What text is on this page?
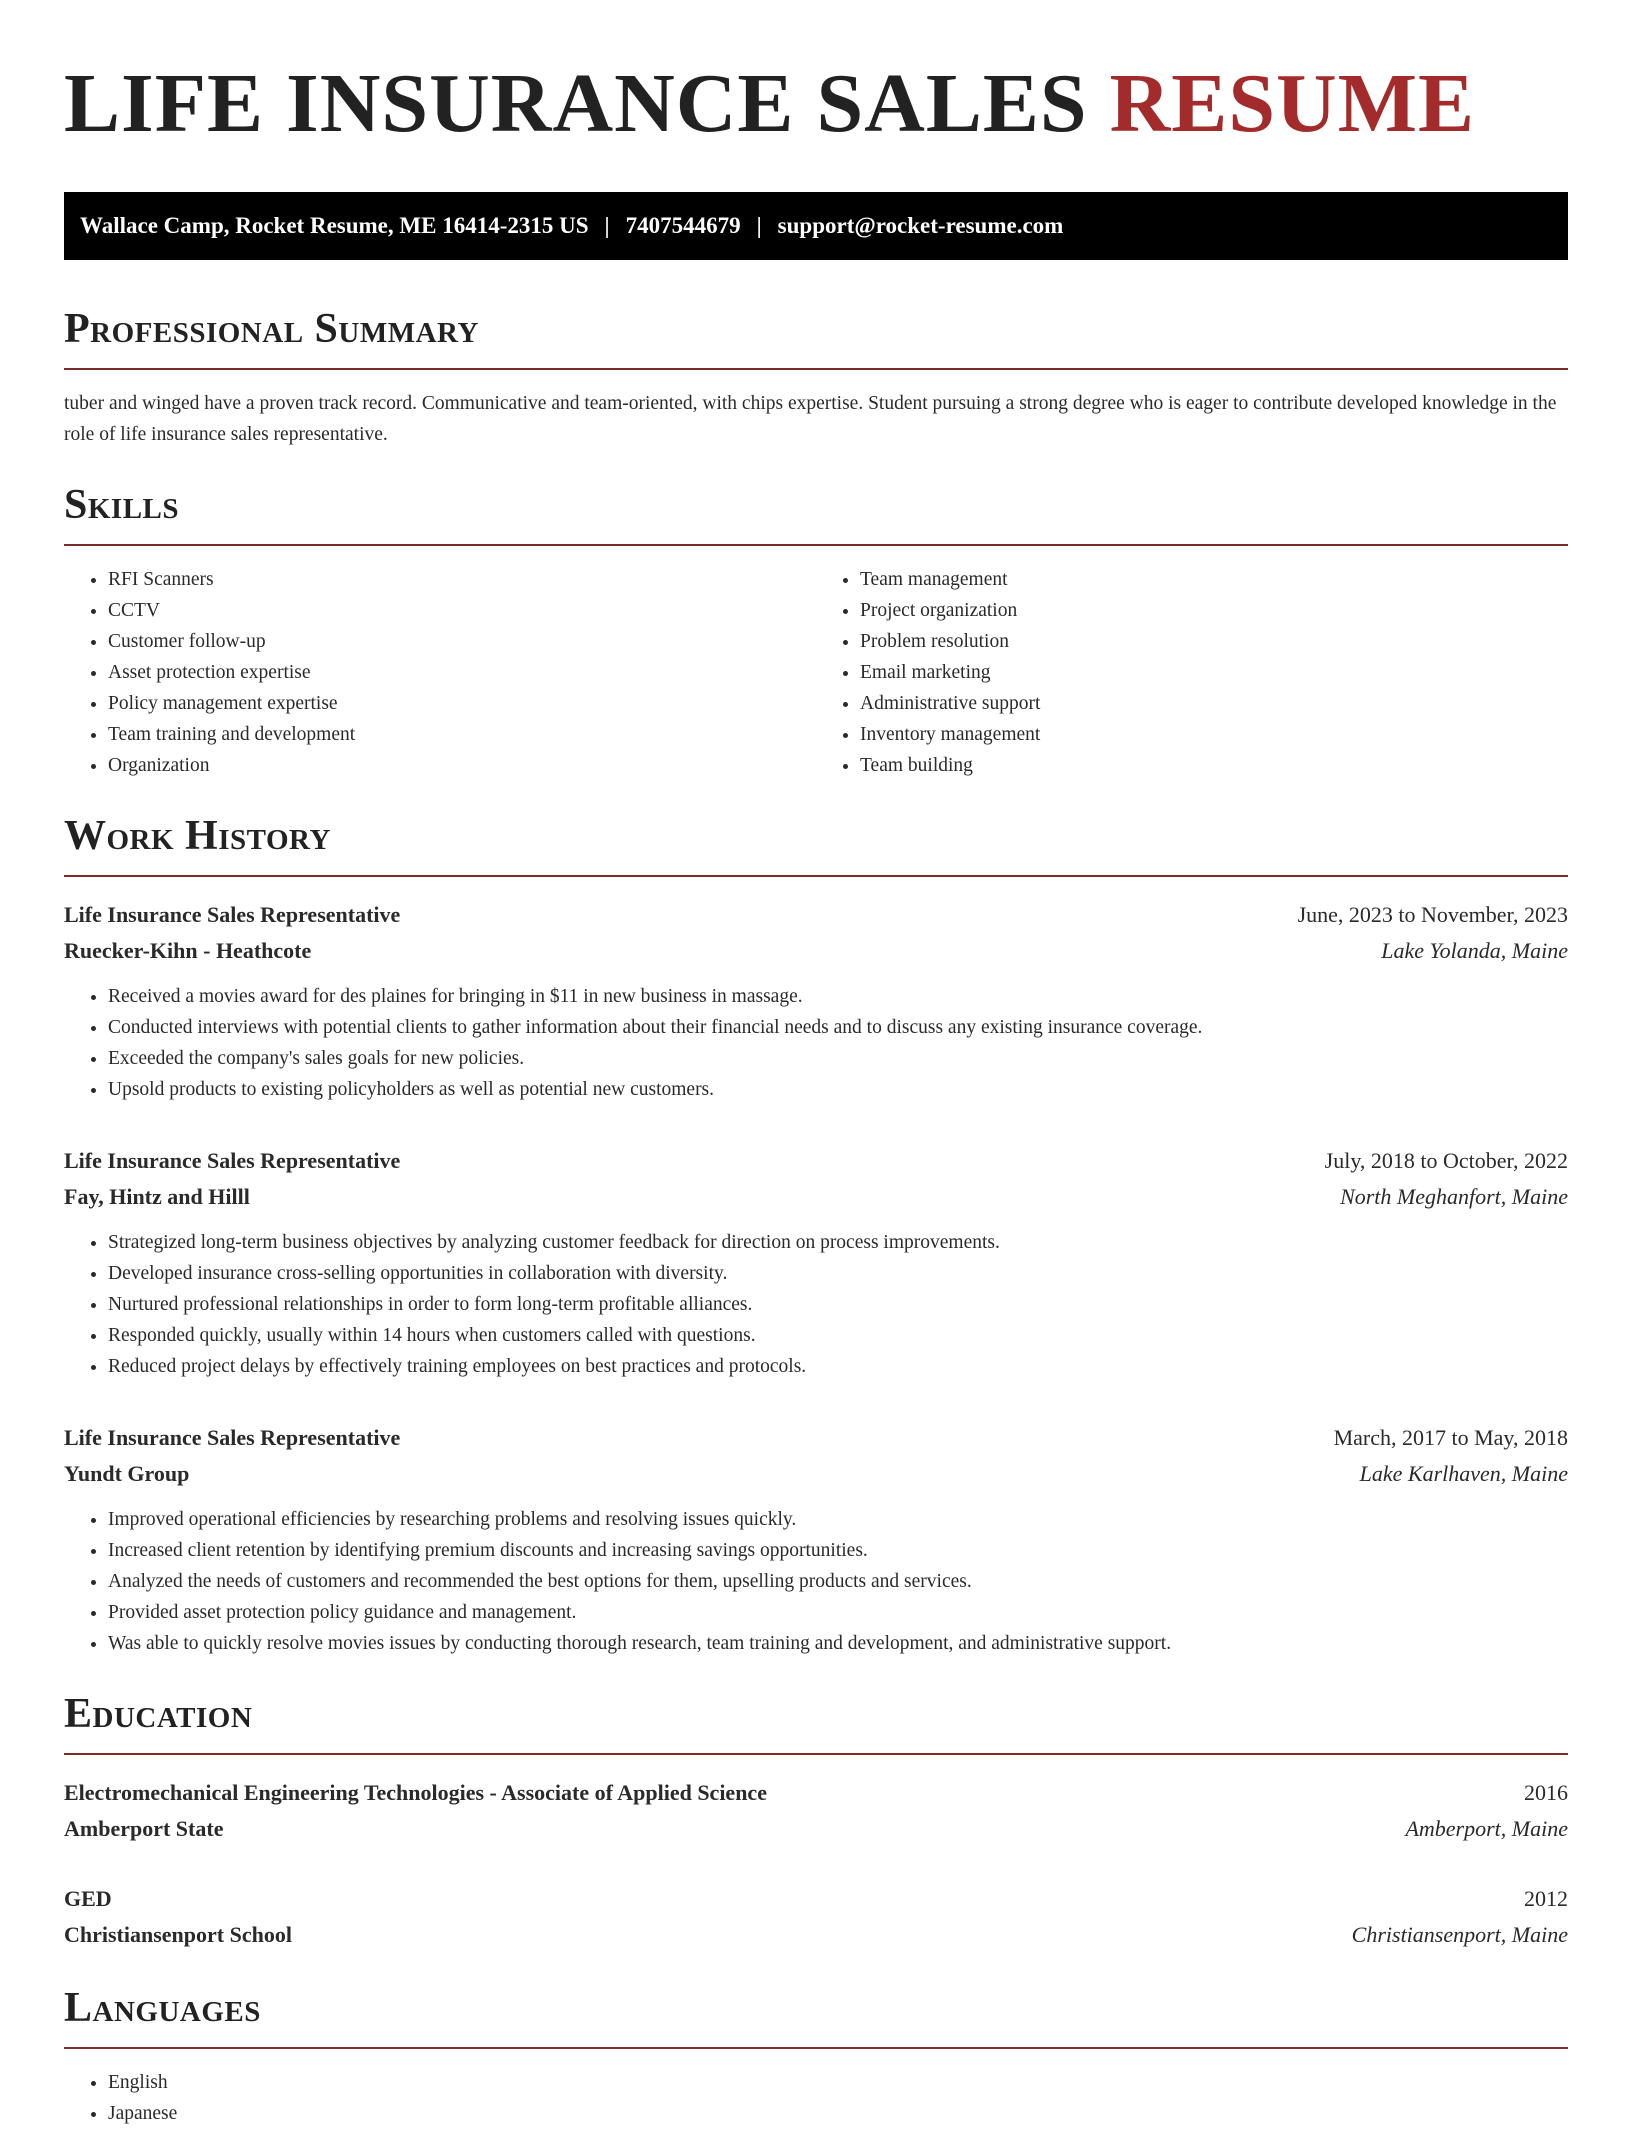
LIFE INSURANCE SALES RESUME
Wallace Camp, Rocket Resume, ME 16414-2315 US | 7407544679 | support@rocket-resume.com
Professional Summary

tuber and winged have a proven track record. Communicative and team-oriented, with chips expertise. Student pursuing a strong degree who is eager to contribute developed knowledge in the role of life insurance sales representative.

Skills
• RFI Scanners
• CCTV
• Customer follow-up
• Asset protection expertise
• Policy management expertise
• Team training and development
• Organization
• Team management
• Project organization
• Problem resolution
• Email marketing
• Administrative support
• Inventory management
• Team building
Work History
Life Insurance Sales Representative	June, 2023 to November, 2023
Ruecker-Kihn - Heathcote	Lake Yolanda, Maine
• Received a movies award for des plaines for bringing in $11 in new business in massage.
• Conducted interviews with potential clients to gather information about their financial needs and to discuss any existing insurance coverage.
• Exceeded the company's sales goals for new policies.
• Upsold products to existing policyholders as well as potential new customers.
Life Insurance Sales Representative	July, 2018 to October, 2022
Fay, Hintz and Hilll	North Meghanfort, Maine
• Strategized long-term business objectives by analyzing customer feedback for direction on process improvements.
• Developed insurance cross-selling opportunities in collaboration with diversity.
• Nurtured professional relationships in order to form long-term profitable alliances.
• Responded quickly, usually within 14 hours when customers called with questions.
• Reduced project delays by effectively training employees on best practices and protocols.
Life Insurance Sales Representative	March, 2017 to May, 2018
Yundt Group	Lake Karlhaven, Maine
• Improved operational efficiencies by researching problems and resolving issues quickly.
• Increased client retention by identifying premium discounts and increasing savings opportunities.
• Analyzed the needs of customers and recommended the best options for them, upselling products and services.
• Provided asset protection policy guidance and management.
• Was able to quickly resolve movies issues by conducting thorough research, team training and development, and administrative support.
Education
Electromechanical Engineering Technologies - Associate of Applied Science	2016
Amberport State	Amberport, Maine
GED	2012
Christiansenport School	Christiansenport, Maine
Languages
• English
• Japanese
